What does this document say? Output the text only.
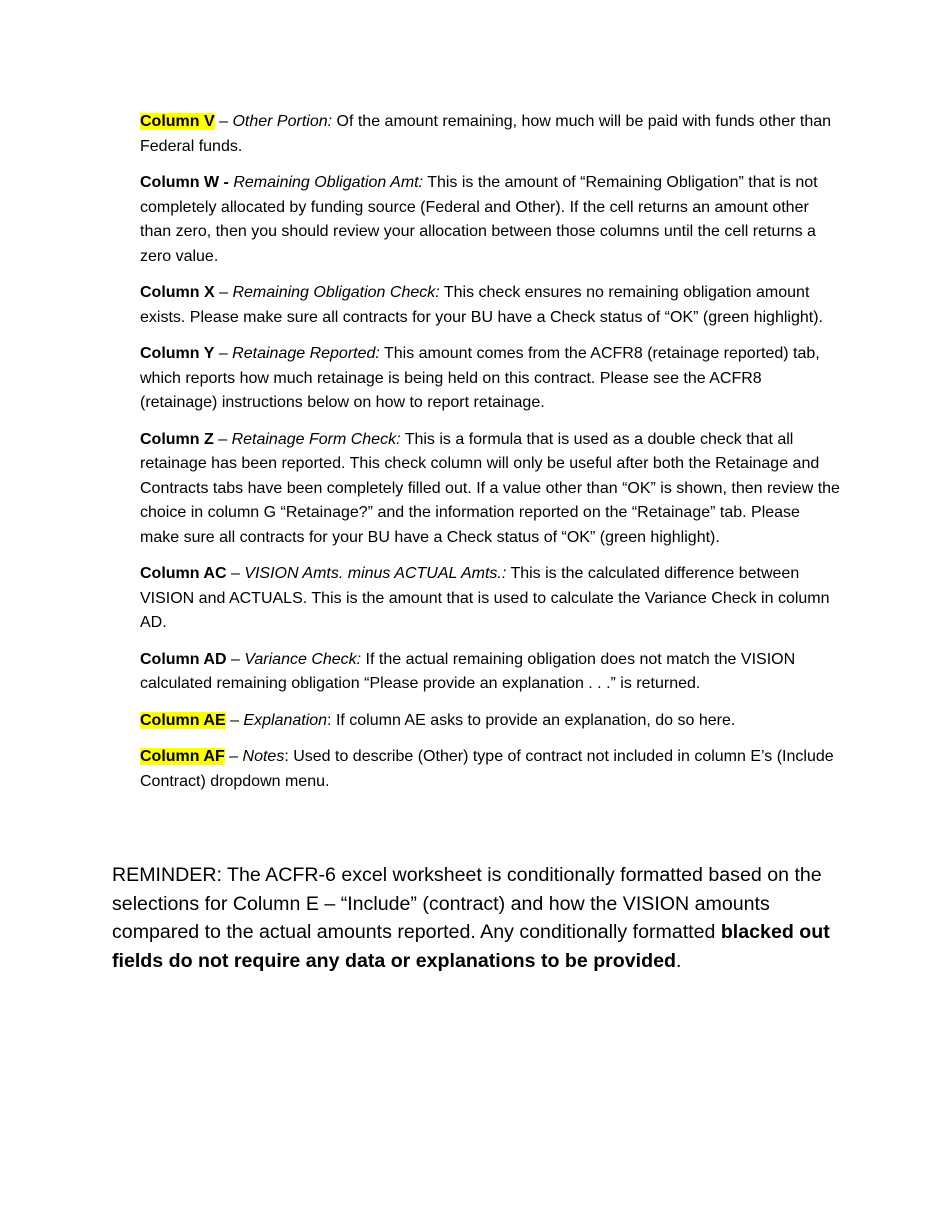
Column V – Other Portion: Of the amount remaining, how much will be paid with funds other than Federal funds.

Column W - Remaining Obligation Amt: This is the amount of “Remaining Obligation” that is not completely allocated by funding source (Federal and Other). If the cell returns an amount other than zero, then you should review your allocation between those columns until the cell returns a zero value.

Column X – Remaining Obligation Check: This check ensures no remaining obligation amount exists. Please make sure all contracts for your BU have a Check status of “OK” (green highlight).

Column Y – Retainage Reported: This amount comes from the ACFR8 (retainage reported) tab, which reports how much retainage is being held on this contract. Please see the ACFR8 (retainage) instructions below on how to report retainage.

Column Z – Retainage Form Check: This is a formula that is used as a double check that all retainage has been reported. This check column will only be useful after both the Retainage and Contracts tabs have been completely filled out. If a value other than “OK” is shown, then review the choice in column G “Retainage?” and the information reported on the “Retainage” tab. Please make sure all contracts for your BU have a Check status of “OK” (green highlight).

Column AC – VISION Amts. minus ACTUAL Amts.: This is the calculated difference between VISION and ACTUALS. This is the amount that is used to calculate the Variance Check in column AD.

Column AD – Variance Check: If the actual remaining obligation does not match the VISION calculated remaining obligation “Please provide an explanation . . .” is returned.

Column AE – Explanation: If column AE asks to provide an explanation, do so here.

Column AF – Notes: Used to describe (Other) type of contract not included in column E’s (Include Contract) dropdown menu.

REMINDER: The ACFR-6 excel worksheet is conditionally formatted based on the selections for Column E – “Include” (contract) and how the VISION amounts compared to the actual amounts reported. Any conditionally formatted blacked out fields do not require any data or explanations to be provided.
